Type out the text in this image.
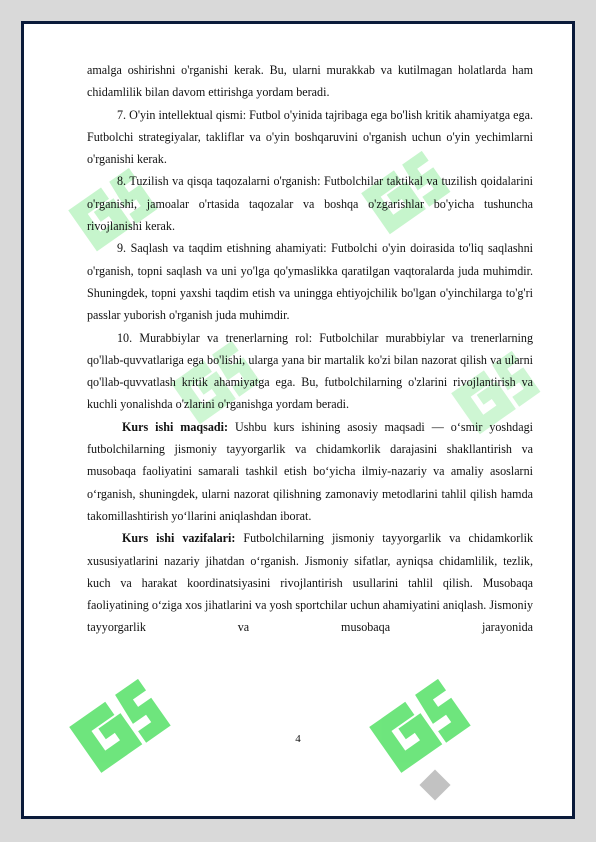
amalga oshirishni o'rganishi kerak. Bu, ularni murakkab va kutilmagan holatlarda ham chidamlilik bilan davom ettirishga yordam beradi.

7. O'yin intellektual qismi: Futbol o'yinida tajribaga ega bo'lish kritik ahamiyatga ega. Futbolchi strategiyalar, takliflar va o'yin boshqaruvini o'rganish uchun o'yin yechimlarni o'rganishi kerak.

8. Tuzilish va qisqa taqozalarni o'rganish: Futbolchilar taktikal va tuzilish qoidalarini o'rganishi, jamoalar o'rtasida taqozalar va boshqa o'zgarishlar bo'yicha tushuncha rivojlanishi kerak.

9. Saqlash va taqdim etishning ahamiyati: Futbolchi o'yin doirasida to'liq saqlashni o'rganish, topni saqlash va uni yo'lga qo'ymaslikka qaratilgan vaqtoralarda juda muhimdir. Shuningdek, topni yaxshi taqdim etish va uningga ehtiyojchilik bo'lgan o'yinchilarga to'g'ri passlar yuborish o'rganish juda muhimdir.

10. Murabbiylar va trenerlarning rol: Futbolchilar murabbiylar va trenerlarning qo'llab-quvvatlariga ega bo'lishi, ularga yana bir martalik ko'zi bilan nazorat qilish va ularni qo'llab-quvvatlash kritik ahamiyatga ega. Bu, futbolchilarning o'zlarini rivojlantirish va kuchli yonalishda o'zlarini o'rganishga yordam beradi.

Kurs ishi maqsadi: Ushbu kurs ishining asosiy maqsadi — o‘smir yoshdagi futbolchilarning jismoniy tayyorgarlik va chidamkorlik darajasini shakllantirish va musobaqa faoliyatini samarali tashkil etish bo‘yicha ilmiy-nazariy va amaliy asoslarni o‘rganish, shuningdek, ularni nazorat qilishning zamonaviy metodlarini tahlil qilish hamda takomillashtirish yo‘llarini aniqlashdan iborat.

Kurs ishi vazifalari: Futbolchilarning jismoniy tayyorgarlik va chidamkorlik xususiyatlarini nazariy jihatdan o‘rganish. Jismoniy sifatlar, ayniqsa chidamlilik, tezlik, kuch va harakat koordinatsiyasini rivojlantirish usullarini tahlil qilish. Musobaqa faoliyatining o‘ziga xos jihatlarini va yosh sportchilar uchun ahamiyatini aniqlash. Jismoniy tayyorgarlik va musobaqa jarayonida

4
